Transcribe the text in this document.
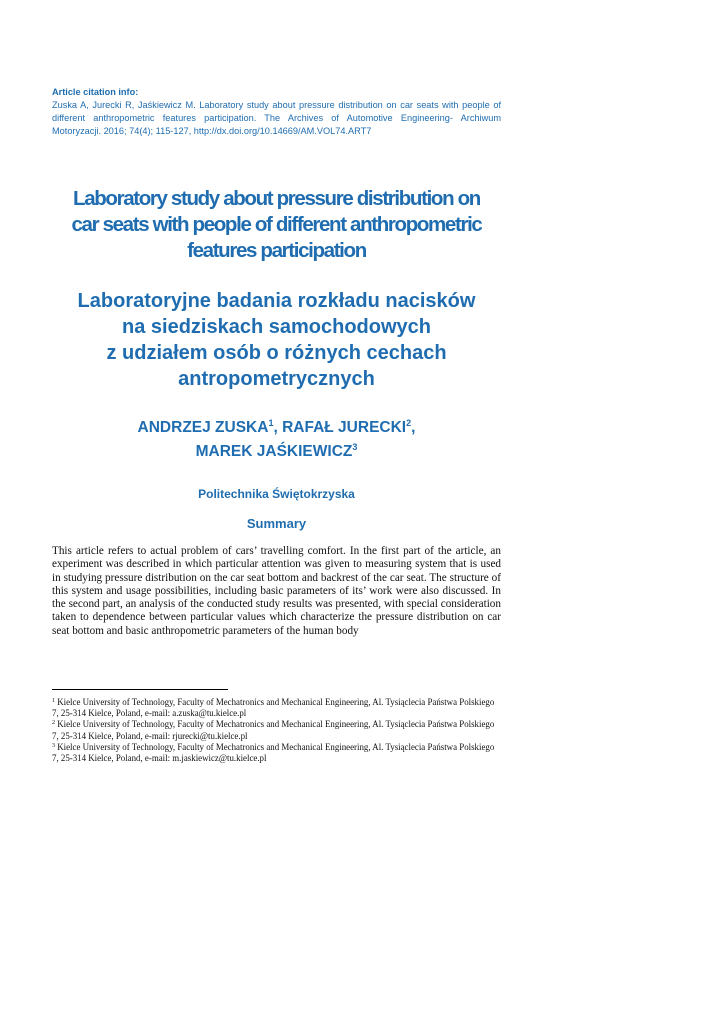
Article citation info:

Zuska A, Jurecki R, Jaśkiewicz M. Laboratory study about pressure distribution on car seats with people of different anthropometric features participation. The Archives of Automotive Engineering- Archiwum Motoryzacji. 2016; 74(4); 115-127, http://dx.doi.org/10.14669/AM.VOL74.ART7

Laboratory study about pressure distribution on
car seats with people of different anthropometric
features participation
Laboratoryjne badania rozkładu nacisków
na siedziskach samochodowych
z udziałem osób o różnych cechach
antropometrycznych

ANDRZEJ ZUSKA$^1$, RAFAŁ JURECKI$^2$,
MAREK JAŚKIEWICZ$^3$

Politechnika Świętokrzyska

Summary

This article refers to actual problem of cars’ travelling comfort. In the first part of the article, an experiment was described in which particular attention was given to measuring system that is used in studying pressure distribution on the car seat bottom and backrest of the car seat. The structure of this system and usage possibilities, including basic parameters of its’ work were also discussed. In the second part, an analysis of the conducted study results was presented, with special consideration taken to dependence between particular values which characterize the pressure distribution on car seat bottom and basic anthropometric parameters of the human body

$^1$ Kielce University of Technology, Faculty of Mechatronics and Mechanical Engineering, Al. Tysiąclecia Państwa Polskiego 7, 25-314 Kielce, Poland, e-mail: a.zuska@tu.kielce.pl
$^2$ Kielce University of Technology, Faculty of Mechatronics and Mechanical Engineering, Al. Tysiąclecia Państwa Polskiego 7, 25-314 Kielce, Poland, e-mail: rjurecki@tu.kielce.pl
$^3$ Kielce University of Technology, Faculty of Mechatronics and Mechanical Engineering, Al. Tysiąclecia Państwa Polskiego 7, 25-314 Kielce, Poland, e-mail: m.jaskiewicz@tu.kielce.pl
